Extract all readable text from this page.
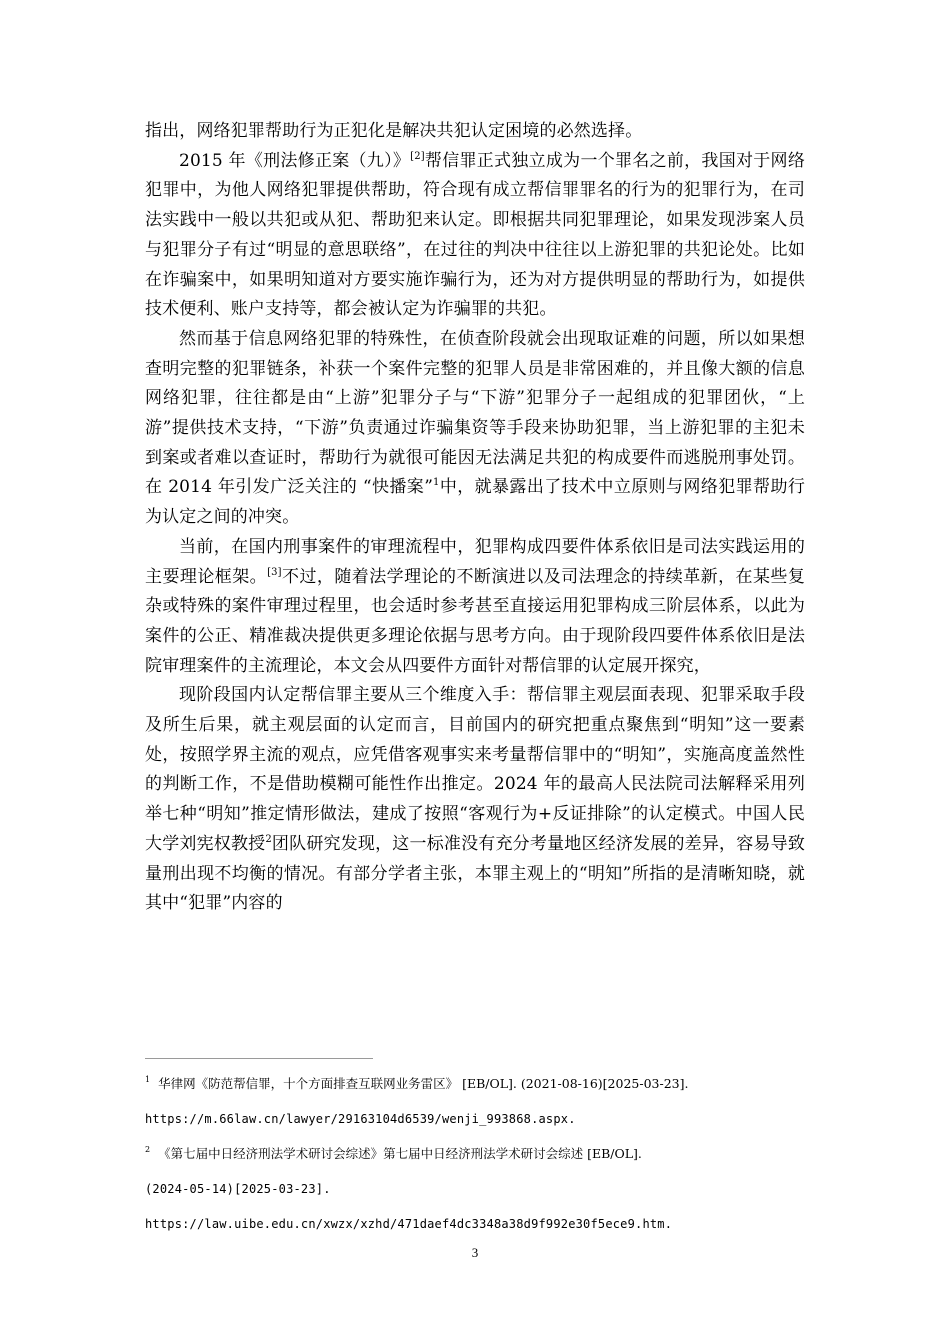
指出，网络犯罪帮助行为正犯化是解决共犯认定困境的必然选择。

2015 年《刑法修正案（九）》[2]帮信罪正式独立成为一个罪名之前，我国对于网络犯罪中，为他人网络犯罪提供帮助，符合现有成立帮信罪罪名的行为的犯罪行为，在司法实践中一般以共犯或从犯、帮助犯来认定。即根据共同犯罪理论，如果发现涉案人员与犯罪分子有过“明显的意思联络”，在过往的判决中往往以上游犯罪的共犯论处。比如在诈骗案中，如果明知道对方要实施诈骗行为，还为对方提供明显的帮助行为，如提供技术便利、账户支持等，都会被认定为诈骗罪的共犯。

然而基于信息网络犯罪的特殊性，在侦查阶段就会出现取证难的问题，所以如果想查明完整的犯罪链条，补获一个案件完整的犯罪人员是非常困难的，并且像大额的信息网络犯罪，往往都是由“上游”犯罪分子与“下游”犯罪分子一起组成的犯罪团伙，“上游”提供技术支持，“下游”负责通过诈骗集资等手段来协助犯罪，当上游犯罪的主犯未到案或者难以查证时，帮助行为就很可能因无法满足共犯的构成要件而逃脱刑事处罚。在 2014 年引发广泛关注的 “快播案”$^1$中，就暴露出了技术中立原则与网络犯罪帮助行为认定之间的冲突。

当前，在国内刑事案件的审理流程中，犯罪构成四要件体系依旧是司法实践运用的主要理论框架。[3]不过，随着法学理论的不断演进以及司法理念的持续革新，在某些复杂或特殊的案件审理过程里，也会适时参考甚至直接运用犯罪构成三阶层体系，以此为案件的公正、精准裁决提供更多理论依据与思考方向。由于现阶段四要件体系依旧是法院审理案件的主流理论，本文会从四要件方面针对帮信罪的认定展开探究，

现阶段国内认定帮信罪主要从三个维度入手：帮信罪主观层面表现、犯罪采取手段及所生后果，就主观层面的认定而言，目前国内的研究把重点聚焦到“明知”这一要素处，按照学界主流的观点，应凭借客观事实来考量帮信罪中的“明知”，实施高度盖然性的判断工作，不是借助模糊可能性作出推定。2024 年的最高人民法院司法解释采用列举七种“明知”推定情形做法，建成了按照“客观行为+反证排除”的认定模式。中国人民大学刘宪权教授$^2$团队研究发现，这一标准没有充分考量地区经济发展的差异，容易导致量刑出现不均衡的情况。有部分学者主张，本罪主观上的“明知”所指的是清晰知晓，就其中“犯罪”内容的

$^1$ 华律网《防范帮信罪，十个方面排查互联网业务雷区》 [EB/OL]. (2021-08-16)[2025-03-23].

https://m.66law.cn/lawyer/29163104d6539/wenji_993868.aspx.

$^2$ 《第七届中日经济刑法学术研讨会综述》第七届中日经济刑法学术研讨会综述 [EB/OL].

(2024-05-14)[2025-03-23].

https://law.uibe.edu.cn/xwzx/xzhd/471daef4dc3348a38d9f992e30f5ece9.htm.

3
